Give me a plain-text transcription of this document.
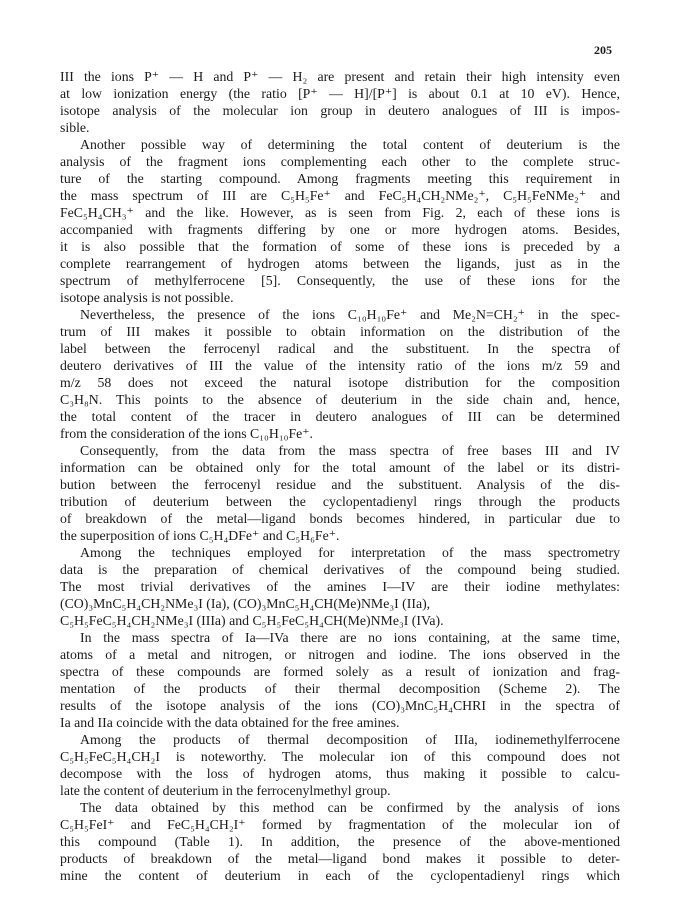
205
III the ions P⁺ — H and P⁺ — H₂ are present and retain their high intensity even
at low ionization energy (the ratio [P⁺ — H]/[P⁺] is about 0.1 at 10 eV). Hence,
isotope analysis of the molecular ion group in deutero analogues of III is impos-
sible.
Another possible way of determining the total content of deuterium is the
analysis of the fragment ions complementing each other to the complete struc-
ture of the starting compound. Among fragments meeting this requirement in
the mass spectrum of III are C₅H₅Fe⁺ and FeC₅H₄CH₂NMe₂⁺, C₅H₅FeNMe₂⁺ and
FeC₅H₄CH₃⁺ and the like. However, as is seen from Fig. 2, each of these ions is
accompanied with fragments differing by one or more hydrogen atoms. Besides,
it is also possible that the formation of some of these ions is preceded by a
complete rearrangement of hydrogen atoms between the ligands, just as in the
spectrum of methylferrocene [5]. Consequently, the use of these ions for the
isotope analysis is not possible.
Nevertheless, the presence of the ions C₁₀H₁₀Fe⁺ and Me₂N=CH₂⁺ in the spec-
trum of III makes it possible to obtain information on the distribution of the
label between the ferrocenyl radical and the substituent. In the spectra of
deutero derivatives of III the value of the intensity ratio of the ions m/z 59 and
m/z 58 does not exceed the natural isotope distribution for the composition
C₃H₈N. This points to the absence of deuterium in the side chain and, hence,
the total content of the tracer in deutero analogues of III can be determined
from the consideration of the ions C₁₀H₁₀Fe⁺.
Consequently, from the data from the mass spectra of free bases III and IV
information can be obtained only for the total amount of the label or its distri-
bution between the ferrocenyl residue and the substituent. Analysis of the dis-
tribution of deuterium between the cyclopentadienyl rings through the products
of breakdown of the metal—ligand bonds becomes hindered, in particular due to
the superposition of ions C₅H₄DFe⁺ and C₅H₆Fe⁺.
Among the techniques employed for interpretation of the mass spectrometry
data is the preparation of chemical derivatives of the compound being studied.
The most trivial derivatives of the amines I—IV are their iodine methylates:
(CO)₃MnC₅H₄CH₂NMe₃I (Ia), (CO)₃MnC₅H₄CH(Me)NMe₃I (IIa),
C₅H₅FeC₅H₄CH₂NMe₃I (IIIa) and C₅H₅FeC₅H₄CH(Me)NMe₃I (IVa).
In the mass spectra of Ia—IVa there are no ions containing, at the same time,
atoms of a metal and nitrogen, or nitrogen and iodine. The ions observed in the
spectra of these compounds are formed solely as a result of ionization and frag-
mentation of the products of their thermal decomposition (Scheme 2). The
results of the isotope analysis of the ions (CO)₃MnC₅H₄CHRI in the spectra of
Ia and IIa coincide with the data obtained for the free amines.
Among the products of thermal decomposition of IIIa, iodinemethylferrocene
C₅H₅FeC₅H₄CH₂I is noteworthy. The molecular ion of this compound does not
decompose with the loss of hydrogen atoms, thus making it possible to calcu-
late the content of deuterium in the ferrocenylmethyl group.
The data obtained by this method can be confirmed by the analysis of ions
C₅H₅FeI⁺ and FeC₅H₄CH₂I⁺ formed by fragmentation of the molecular ion of
this compound (Table 1). In addition, the presence of the above-mentioned
products of breakdown of the metal—ligand bond makes it possible to deter-
mine the content of deuterium in each of the cyclopentadienyl rings which
